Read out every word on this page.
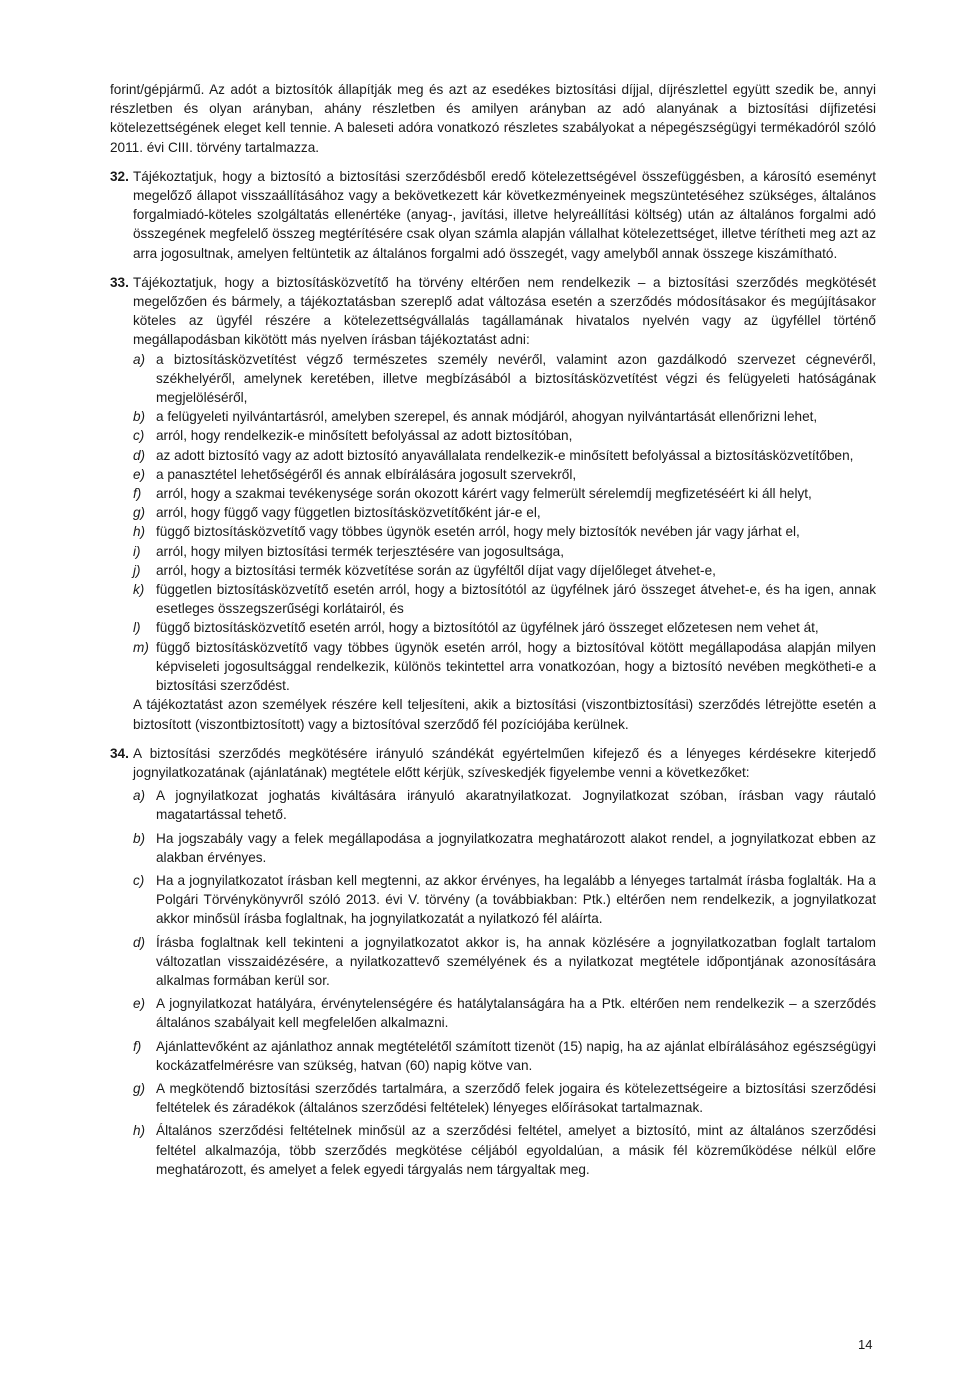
forint/gépjármű. Az adót a biztosítók állapítják meg és azt az esedékes biztosítási díjjal, díjrészlettel együtt szedik be, annyi részletben és olyan arányban, ahány részletben és amilyen arányban az adó alanyának a biztosítási díjfizetési kötelezettségének eleget kell tennie. A baleseti adóra vonatkozó részletes szabályokat a népegészségügyi termékadóról szóló 2011. évi CIII. törvény tartalmazza.

32. Tájékoztatjuk, hogy a biztosító a biztosítási szerződésből eredő kötelezettségével összefüggésben, a károsító eseményt megelőző állapot visszaállításához vagy a bekövetkezett kár következményeinek megszüntetéséhez szükséges, általános forgalmiadó-köteles szolgáltatás ellenértéke (anyag-, javítási, illetve helyreállítási költség) után az általános forgalmi adó összegének megfelelő összeg megtérítésére csak olyan számla alapján vállalhat kötelezettséget, illetve térítheti meg azt az arra jogosultnak, amelyen feltüntetik az általános forgalmi adó összegét, vagy amelyből annak összege kiszámítható.
33. Tájékoztatjuk, hogy a biztosításközvetítő ha törvény eltérően nem rendelkezik – a biztosítási szerződés megkötését megelőzően és bármely, a tájékoztatásban szereplő adat változása esetén a szerződés módosításakor és megújításakor köteles az ügyfél részére a kötelezettségvállalás tagállamának hivatalos nyelvén vagy az ügyféllel történő megállapodásban kikötött más nyelven írásban tájékoztatást adni:
a) a biztosításközvetítést végző természetes személy nevéről, valamint azon gazdálkodó szervezet cégnevéről, székhelyéről, amelynek keretében, illetve megbízásából a biztosításközvetítést végzi és felügyeleti hatóságának megjelöléséről,
b) a felügyeleti nyilvántartásról, amelyben szerepel, és annak módjáról, ahogyan nyilvántartását ellenőrizni lehet,
c) arról, hogy rendelkezik-e minősített befolyással az adott biztosítóban,
d) az adott biztosító vagy az adott biztosító anyavállalata rendelkezik-e minősített befolyással a biztosításközvetítőben,
e) a panasztétel lehetőségéről és annak elbírálására jogosult szervekről,
f)	arról, hogy a szakmai tevékenysége során okozott kárért vagy felmerült sérelemdíj megfizetéséért ki áll helyt,
g) arról, hogy függő vagy független biztosításközvetítőként jár-e el,
h) függő biztosításközvetítő vagy többes ügynök esetén arról, hogy mely biztosítók nevében jár vagy járhat el,
i)	arról, hogy milyen biztosítási termék terjesztésére van jogosultsága,
j)	arról, hogy a biztosítási termék közvetítése során az ügyféltől díjat vagy díjelőleget átvehet-e,
k) független biztosításközvetítő esetén arról, hogy a biztosítótól az ügyfélnek járó összeget átvehet-e, és ha igen, annak esetleges összegszerűségi korlátairól, és
l)	függő biztosításközvetítő esetén arról, hogy a biztosítótól az ügyfélnek járó összeget előzetesen nem vehet át,
m) függő biztosításközvetítő vagy többes ügynök esetén arról, hogy a biztosítóval kötött megállapodása alapján milyen képviseleti jogosultsággal rendelkezik, különös tekintettel arra vonatkozóan, hogy a biztosító nevében megkötheti-e a biztosítási szerződést.

A tájékoztatást azon személyek részére kell teljesíteni, akik a biztosítási (viszontbiztosítási) szerződés létrejötte esetén a biztosított (viszontbiztosított) vagy a biztosítóval szerződő fél pozíciójába kerülnek.

34. A biztosítási szerződés megkötésére irányuló szándékát egyértelműen kifejező és a lényeges kérdésekre kiterjedő jognyilatkozatának (ajánlatának) megtétele előtt kérjük, szíveskedjék figyelembe venni a következőket:
a) A jognyilatkozat joghatás kiváltására irányuló akaratnyilatkozat. Jognyilatkozat szóban, írásban vagy ráutaló magatartással tehető.
b) Ha jogszabály vagy a felek megállapodása a jognyilatkozatra meghatározott alakot rendel, a jognyilatkozat ebben az alakban érvényes.
c) Ha a jognyilatkozatot írásban kell megtenni, az akkor érvényes, ha legalább a lényeges tartalmát írásba foglalták. Ha a Polgári Törvénykönyvről szóló 2013. évi V. törvény (a továbbiakban: Ptk.) eltérően nem rendelkezik, a jognyilatkozat akkor minősül írásba foglaltnak, ha jognyilatkozatát a nyilatkozó fél aláírta.
d) Írásba foglaltnak kell tekinteni a jognyilatkozatot akkor is, ha annak közlésére a jognyilatkozatban foglalt tartalom változatlan visszaidézésére, a nyilatkozattevő személyének és a nyilatkozat megtétele időpontjának azonosítására alkalmas formában kerül sor.
e) A jognyilatkozat hatályára, érvénytelenségére és hatálytalanságára ha a Ptk. eltérően nem rendelkezik – a szerződés általános szabályait kell megfelelően alkalmazni.
f)	Ajánlattevőként az ajánlathoz annak megtételétől számított tizenöt (15) napig, ha az ajánlat elbírálásához egészségügyi kockázatfelmérésre van szükség, hatvan (60) napig kötve van.
g) A megkötendő biztosítási szerződés tartalmára, a szerződő felek jogaira és kötelezettségeire a biztosítási szerződési feltételek és záradékok (általános szerződési feltételek) lényeges előírásokat tartalmaznak.
h) Általános szerződési feltételnek minősül az a szerződési feltétel, amelyet a biztosító, mint az általános szerződési feltétel alkalmazója, több szerződés megkötése céljából egyoldalúan, a másik fél közreműködése nélkül előre meghatározott, és amelyet a felek egyedi tárgyalás nem tárgyaltak meg.
14
